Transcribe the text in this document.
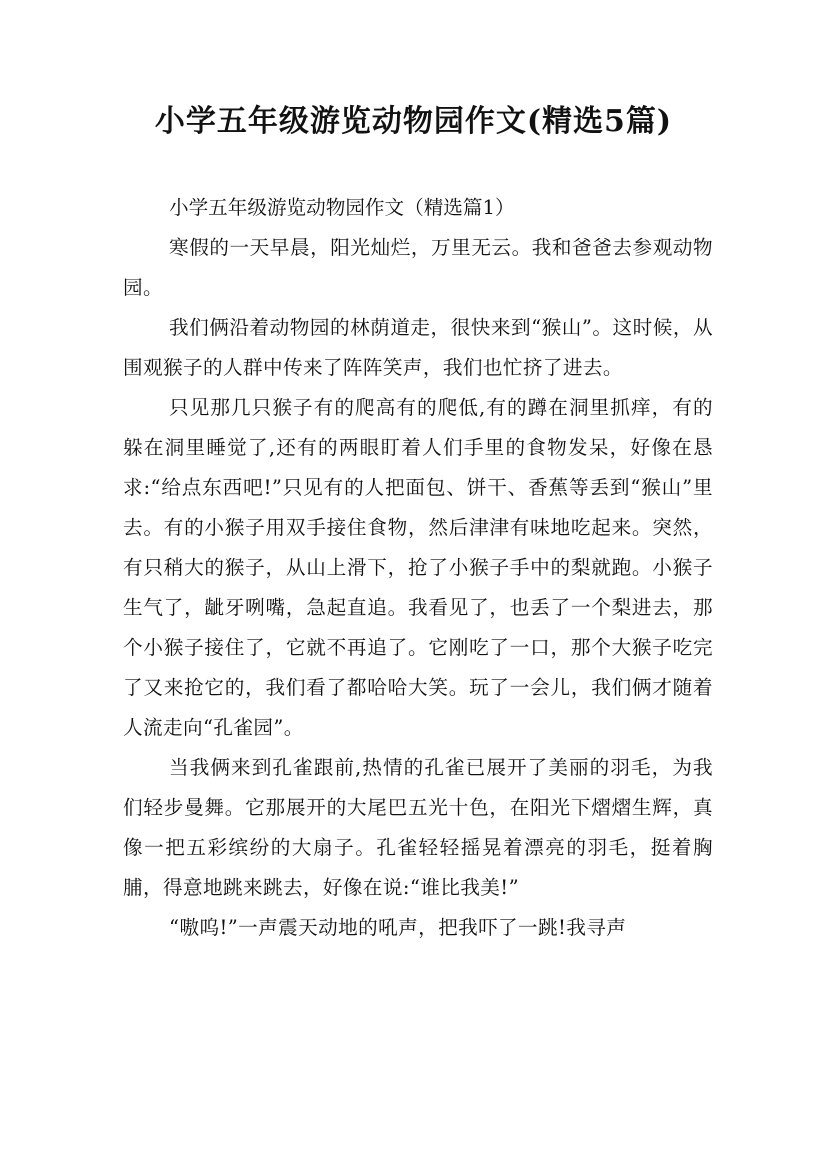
小学五年级游览动物园作文(精选5篇)

小学五年级游览动物园作文（精选篇1）

寒假的一天早晨，阳光灿烂，万里无云。我和爸爸去参观动物园。

我们俩沿着动物园的林荫道走，很快来到“猴山”。这时候，从围观猴子的人群中传来了阵阵笑声，我们也忙挤了进去。

只见那几只猴子有的爬高有的爬低,有的蹲在洞里抓痒，有的躲在洞里睡觉了,还有的两眼盯着人们手里的食物发呆，好像在恳求:“给点东西吧!”只见有的人把面包、饼干、香蕉等丢到“猴山”里去。有的小猴子用双手接住食物，然后津津有味地吃起来。突然，有只稍大的猴子，从山上滑下，抢了小猴子手中的梨就跑。小猴子生气了，龇牙咧嘴，急起直追。我看见了，也丢了一个梨进去，那个小猴子接住了，它就不再追了。它刚吃了一口，那个大猴子吃完了又来抢它的，我们看了都哈哈大笑。玩了一会儿，我们俩才随着人流走向“孔雀园”。

当我俩来到孔雀跟前,热情的孔雀已展开了美丽的羽毛，为我们轻步曼舞。它那展开的大尾巴五光十色，在阳光下熠熠生辉，真像一把五彩缤纷的大扇子。孔雀轻轻摇晃着漂亮的羽毛，挺着胸脯，得意地跳来跳去，好像在说:“谁比我美!”

“嗷呜!”一声震天动地的吼声，把我吓了一跳!我寻声
